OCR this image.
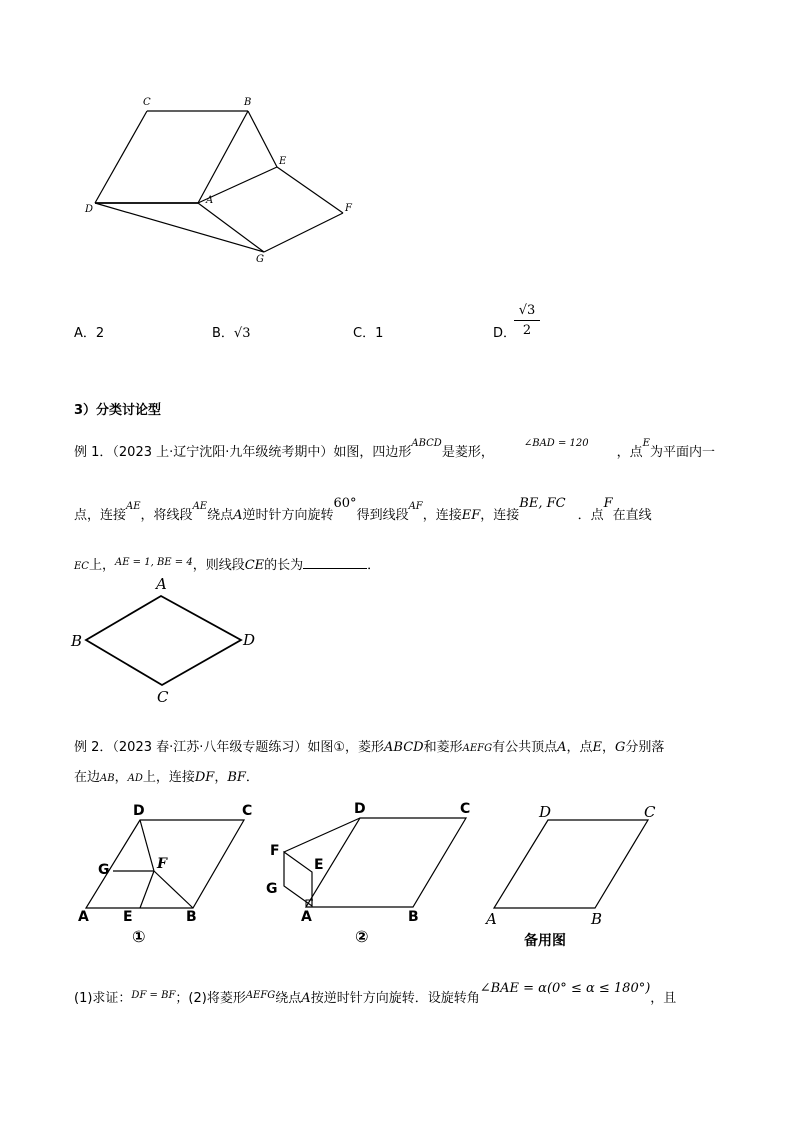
C	B
E
A
D	F
G
A．2	B．√3	C．1	D．
$\frac{√3}{2}$
3）分类讨论型
例 1．（2023 上·辽宁沈阳·九年级统考期中）如图，四边形$^{ABCD}$是菱形，$^{\angle BAD = 120}$，点$^E$为平面内一
点，连接$^{AE}$，将线段$^{AE}$绕点A逆时针方向旋转60°得到线段$^{AF}$，连接EF，连接BE, FC．点F在直线
EC上，$^{AE = 1, BE = 4}$，则线段CE的长为	．
A
B	D
C
例 2．（2023 春·江苏·八年级专题练习）如图①，菱形ABCD和菱形AEFG有公共顶点A，点E，G分别落
在边AB，AD上，连接DF，BF．
D	C
G	F
A E	B
①
D	C
F
E
G
A	B
②
D	C
A	B
备用图
(1)求证：$^{DF = BF}$；(2)将菱形$^{AEFG}$绕点A按逆时针方向旋转．设旋转角∠BAE = α(0° ≤ α ≤ 180°)，且
